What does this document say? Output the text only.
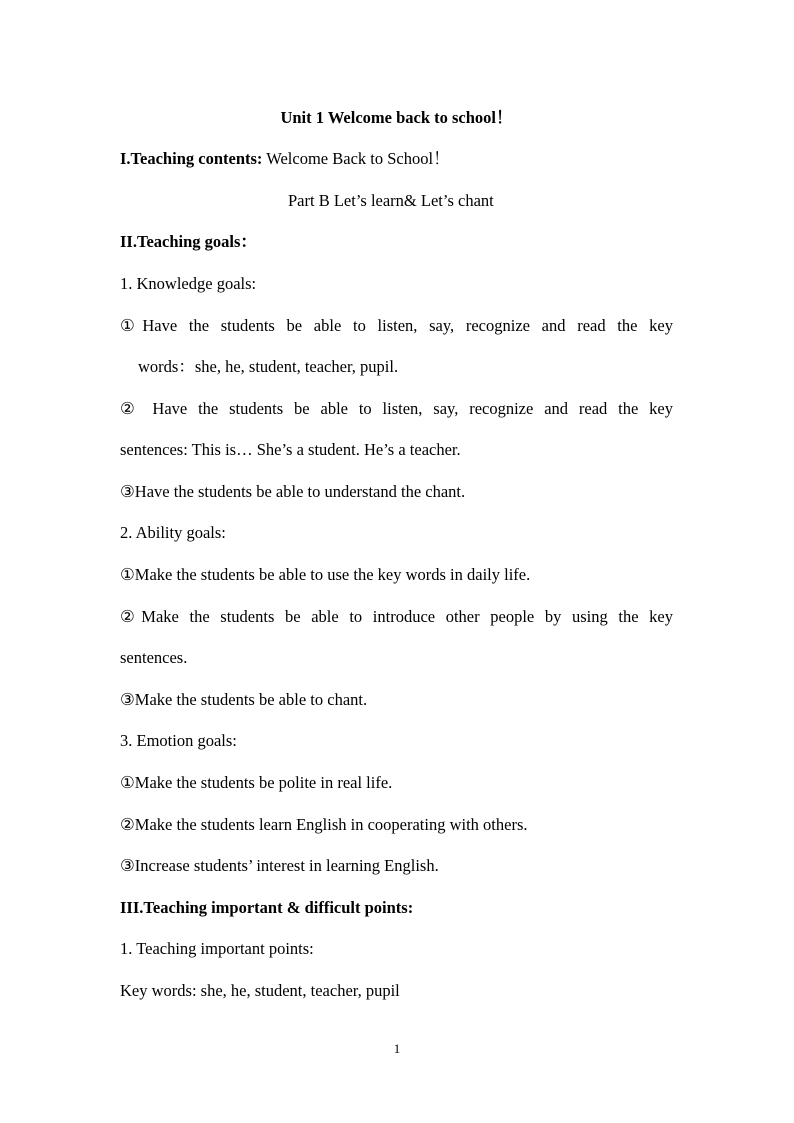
Unit 1 Welcome back to school！
I.Teaching contents: Welcome Back to School！
Part B Let’s learn& Let’s chant
II.Teaching goals：
1. Knowledge goals:
①Have the students be able to listen, say, recognize and read the key
words：she, he, student, teacher, pupil.
② Have the students be able to listen, say, recognize and read the key
sentences: This is… She’s a student. He’s a teacher.
③Have the students be able to understand the chant.
2. Ability goals:
①Make the students be able to use the key words in daily life.
②Make the students be able to introduce other people by using the key
sentences.
③Make the students be able to chant.
3. Emotion goals:
①Make the students be polite in real life.
②Make the students learn English in cooperating with others.
③Increase students’ interest in learning English.
III.Teaching important & difficult points:
1. Teaching important points:
Key words: she, he, student, teacher, pupil
1
